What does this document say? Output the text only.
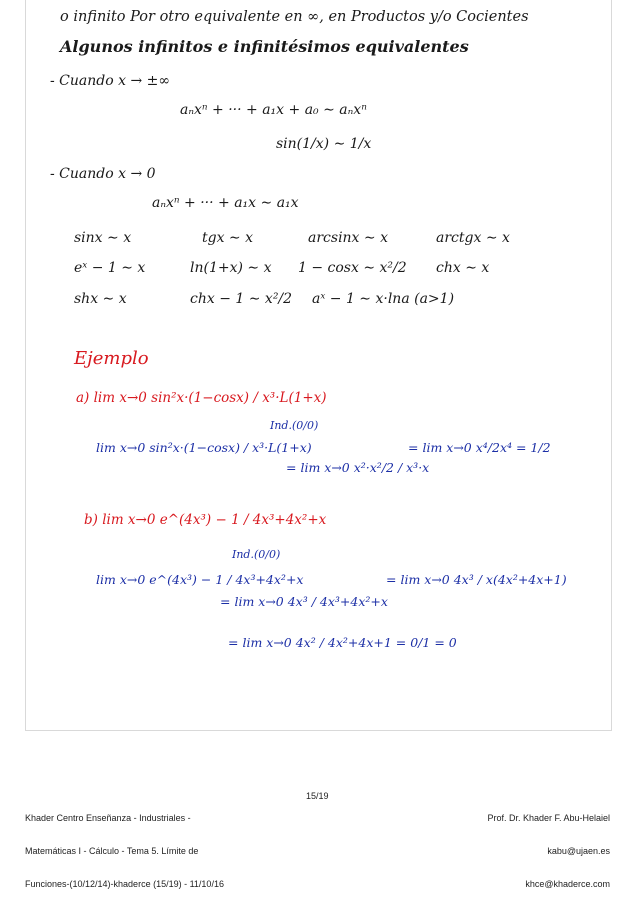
o infinito Por otro equivalente en ∞, en Productos y/o Cocientes

Algunos infinitos e infinitésimos equivalentes

- Cuando x → ±∞

aₙxⁿ + ··· + a₁x + a₀ ∼ aₙxⁿ

sin(1/x) ∼ 1/x

- Cuando x → 0

aₙxⁿ + ··· + a₁x ∼ a₁x

sinx ∼ x	tgx ∼ x	arcsinx ∼ x	arctgx ∼ x

eˣ − 1 ∼ x	ln(1+x) ∼ x 1 − cosx ∼ x²/2 chx ∼ x

shx ∼ x	chx − 1 ∼ x²/2 aˣ − 1 ∼ x·lna (a>1)

Ejemplo

a) lim x→0 sin²x·(1−cosx) / x³·L(1+x)

b) lim x→0 e^(4x³) − 1 / 4x³+4x²+x

lim x→0 sin²x·(1−cosx) / x³·L(1+x)

Ind.(0/0)

= lim x→0 x²·x²/2 / x³·x

= lim x→0 x⁴/2x⁴ = 1/2

lim x→0 e^(4x³) − 1 / 4x³+4x²+x

Ind.(0/0)

= lim x→0 4x³ / 4x³+4x²+x

= lim x→0 4x³ / x(4x²+4x+1)

= lim x→0 4x² / 4x²+4x+1 = 0/1 = 0

Khader Centro Enseñanza - Industriales -

Matemáticas I - Cálculo - Tema 5. Límite de

Funciones-(10/12/14)-khaderce (15/19) - 11/10/16

15/19

Prof. Dr. Khader F. Abu-Helaiel

kabu@ujaen.es

khce@khaderce.com
